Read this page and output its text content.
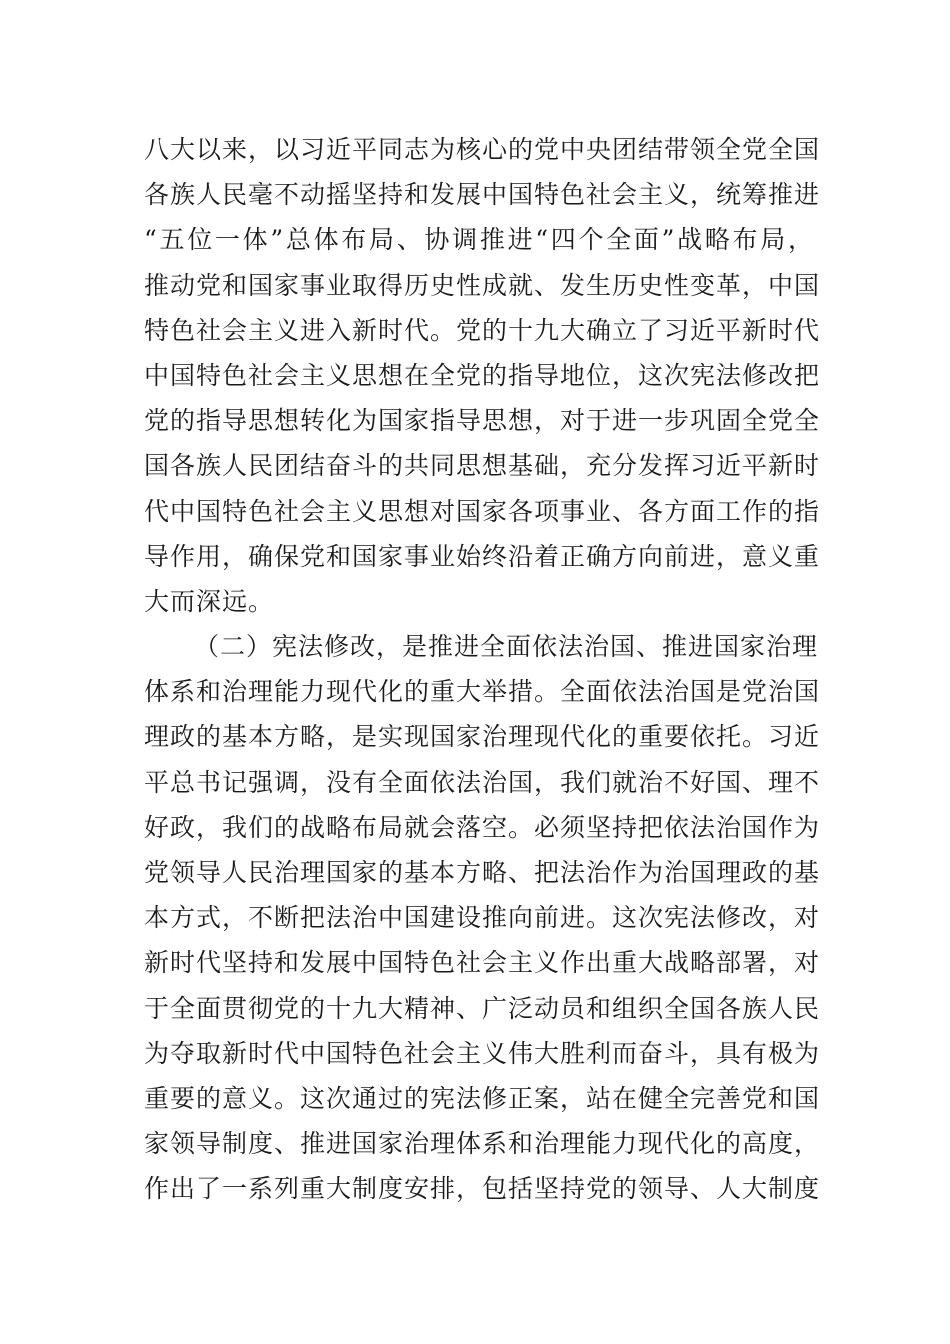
八大以来，以习近平同志为核心的党中央团结带领全党全国
各族人民毫不动摇坚持和发展中国特色社会主义，统筹推进
“五位一体”总体布局、协调推进“四个全面”战略布局，
推动党和国家事业取得历史性成就、发生历史性变革，中国
特色社会主义进入新时代。党的十九大确立了习近平新时代
中国特色社会主义思想在全党的指导地位，这次宪法修改把
党的指导思想转化为国家指导思想，对于进一步巩固全党全
国各族人民团结奋斗的共同思想基础，充分发挥习近平新时
代中国特色社会主义思想对国家各项事业、各方面工作的指
导作用，确保党和国家事业始终沿着正确方向前进，意义重
大而深远。
（二）宪法修改，是推进全面依法治国、推进国家治理
体系和治理能力现代化的重大举措。全面依法治国是党治国
理政的基本方略，是实现国家治理现代化的重要依托。习近
平总书记强调，没有全面依法治国，我们就治不好国、理不
好政，我们的战略布局就会落空。必须坚持把依法治国作为
党领导人民治理国家的基本方略、把法治作为治国理政的基
本方式，不断把法治中国建设推向前进。这次宪法修改，对
新时代坚持和发展中国特色社会主义作出重大战略部署，对
于全面贯彻党的十九大精神、广泛动员和组织全国各族人民
为夺取新时代中国特色社会主义伟大胜利而奋斗，具有极为
重要的意义。这次通过的宪法修正案，站在健全完善党和国
家领导制度、推进国家治理体系和治理能力现代化的高度，
作出了一系列重大制度安排，包括坚持党的领导、人大制度
